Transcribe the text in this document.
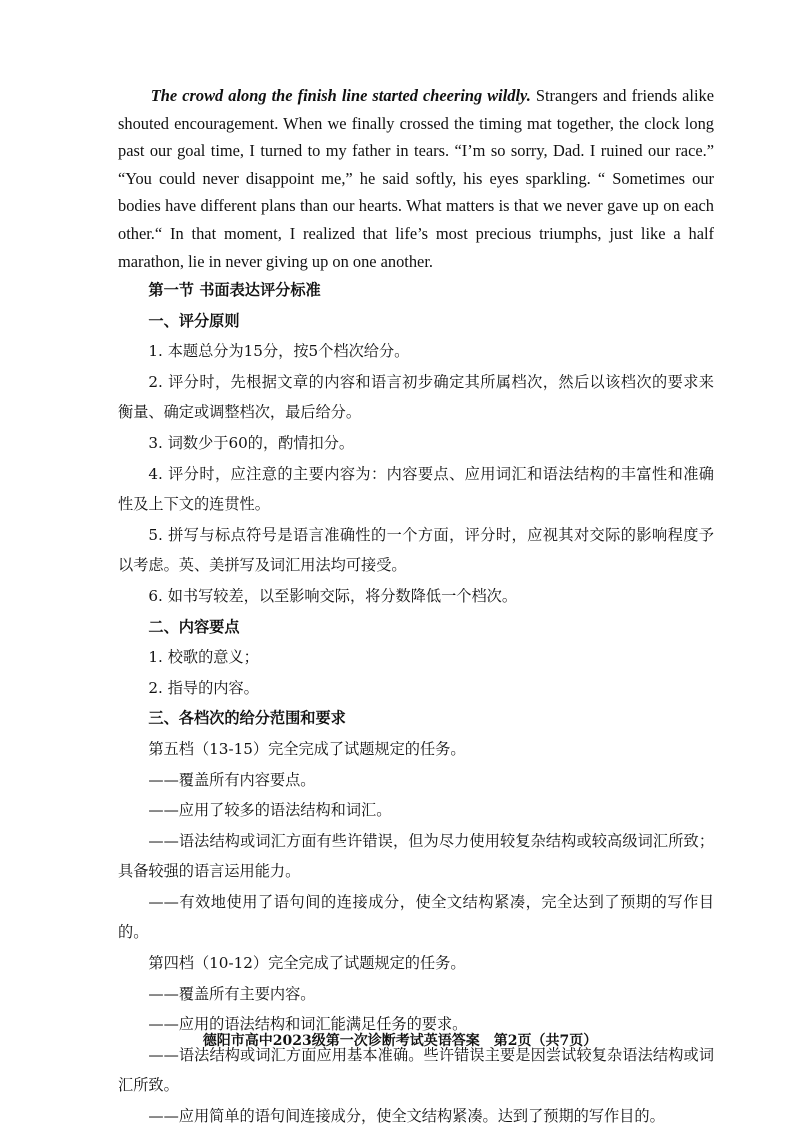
The crowd along the finish line started cheering wildly. Strangers and friends alike shouted encouragement. When we finally crossed the timing mat together, the clock long past our goal time, I turned to my father in tears. “I’m so sorry, Dad. I ruined our race.” “You could never disappoint me,” he said softly, his eyes sparkling. “ Sometimes our bodies have different plans than our hearts. What matters is that we never gave up on each other.“ In that moment, I realized that life’s most precious triumphs, just like a half marathon, lie in never giving up on one another.

第一节 书面表达评分标准
一、评分原则
1. 本题总分为15分，按5个档次给分。
2. 评分时，先根据文章的内容和语言初步确定其所属档次，然后以该档次的要求来衡量、确定或调整档次，最后给分。
3. 词数少于60的，酌情扣分。
4. 评分时，应注意的主要内容为：内容要点、应用词汇和语法结构的丰富性和准确性及上下文的连贯性。
5. 拼写与标点符号是语言准确性的一个方面，评分时，应视其对交际的影响程度予以考虑。英、美拼写及词汇用法均可接受。
6. 如书写较差，以至影响交际，将分数降低一个档次。
二、内容要点
1. 校歌的意义；
2. 指导的内容。
三、各档次的给分范围和要求
第五档（13-15）完全完成了试题规定的任务。
——覆盖所有内容要点。
——应用了较多的语法结构和词汇。
——语法结构或词汇方面有些许错误，但为尽力使用较复杂结构或较高级词汇所致；具备较强的语言运用能力。
——有效地使用了语句间的连接成分，使全文结构紧凑，完全达到了预期的写作目的。
第四档（10-12）完全完成了试题规定的任务。
——覆盖所有主要内容。
——应用的语法结构和词汇能满足任务的要求。
——语法结构或词汇方面应用基本准确。些许错误主要是因尝试较复杂语法结构或词汇所致。
——应用简单的语句间连接成分，使全文结构紧凑。达到了预期的写作目的。
德阳市高中2023级第一次诊断考试英语答案　第2页（共7页）
